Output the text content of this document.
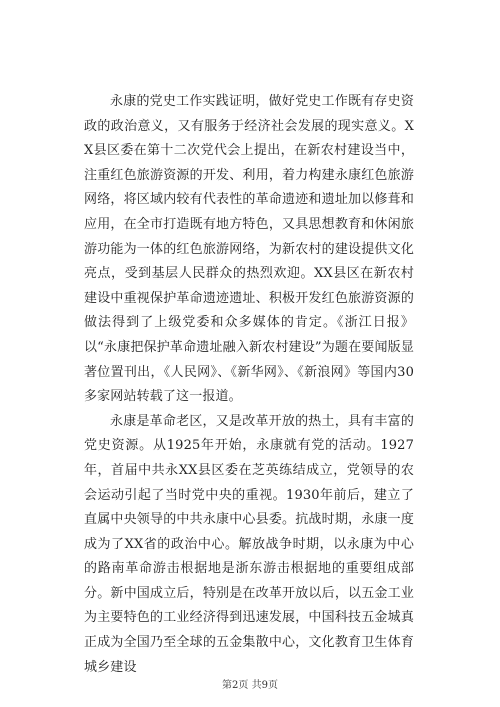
永康的党史工作实践证明，做好党史工作既有存史资政的政治意义，又有服务于经济社会发展的现实意义。XX县区委在第十二次党代会上提出，在新农村建设当中，注重红色旅游资源的开发、利用，着力构建永康红色旅游网络，将区域内较有代表性的革命遗迹和遗址加以修葺和应用，在全市打造既有地方特色，又具思想教育和休闲旅游功能为一体的红色旅游网络，为新农村的建设提供文化亮点，受到基层人民群众的热烈欢迎。XX县区在新农村建设中重视保护革命遗迹遗址、积极开发红色旅游资源的做法得到了上级党委和众多媒体的肯定。《浙江日报》以“永康把保护革命遗址融入新农村建设”为题在要闻版显著位置刊出，《人民网》、《新华网》、《新浪网》等国内30多家网站转载了这一报道。

永康是革命老区，又是改革开放的热土，具有丰富的党史资源。从1925年开始，永康就有党的活动。1927年，首届中共永XX县区委在芝英练结成立，党领导的农会运动引起了当时党中央的重视。1930年前后，建立了直属中央领导的中共永康中心县委。抗战时期，永康一度成为了XX省的政治中心。解放战争时期，以永康为中心的路南革命游击根据地是浙东游击根据地的重要组成部分。新中国成立后，特别是在改革开放以后，以五金工业为主要特色的工业经济得到迅速发展，中国科技五金城真正成为全国乃至全球的五金集散中心，文化教育卫生体育城乡建设

第2页 共9页
